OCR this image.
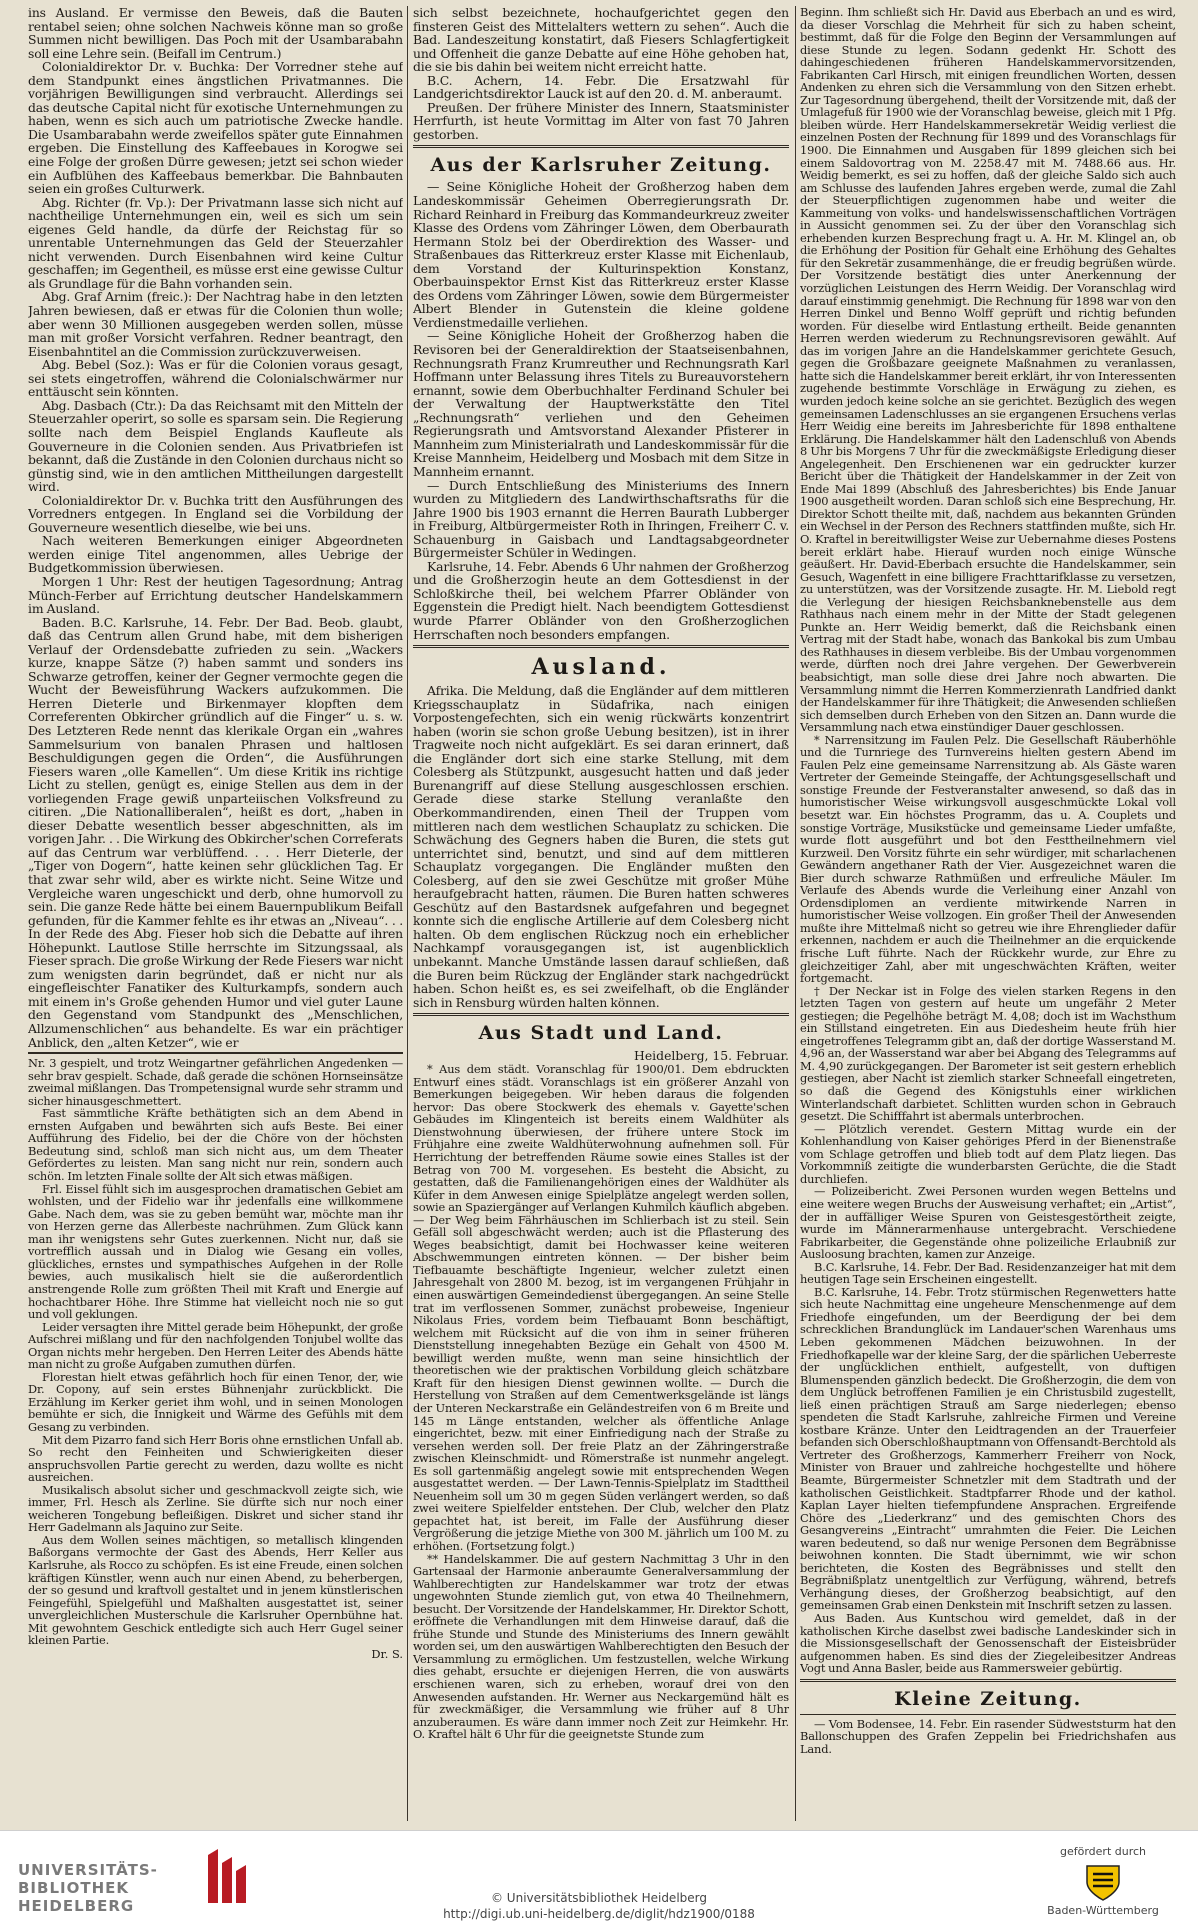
ins Ausland. Er vermisse den Beweis, daß die Bauten rentabel seien; ohne solchen Nachweis könne man so große Summen nicht bewilligen. Das Poch mit der Usambarabahn soll eine Lehre sein. (Beifall im Centrum.)

Colonialdirektor Dr. v. Buchka: Der Vorredner stehe auf dem Standpunkt eines ängstlichen Privatmannes. Die vorjährigen Bewilligungen sind verbraucht. Allerdings sei das deutsche Capital nicht für exotische Unternehmungen zu haben, wenn es sich auch um patriotische Zwecke handle. Die Usambarabahn werde zweifellos später gute Einnahmen ergeben. Die Einstellung des Kaffeebaues in Korogwe sei eine Folge der großen Dürre gewesen; jetzt sei schon wieder ein Aufblühen des Kaffeebaus bemerkbar. Die Bahnbauten seien ein großes Culturwerk.

Abg. Richter (fr. Vp.): Der Privatmann lasse sich nicht auf nachtheilige Unternehmungen ein, weil es sich um sein eigenes Geld handle, da dürfe der Reichstag für so unrentable Unternehmungen das Geld der Steuerzahler nicht verwenden. Durch Eisenbahnen wird keine Cultur geschaffen; im Gegentheil, es müsse erst eine gewisse Cultur als Grundlage für die Bahn vorhanden sein.

Abg. Graf Arnim (freic.): Der Nachtrag habe in den letzten Jahren bewiesen, daß er etwas für die Colonien thun wolle; aber wenn 30 Millionen ausgegeben werden sollen, müsse man mit großer Vorsicht verfahren. Redner beantragt, den Eisenbahntitel an die Commission zurückzuverweisen.

Abg. Bebel (Soz.): Was er für die Colonien voraus gesagt, sei stets eingetroffen, während die Colonialschwärmer nur enttäuscht sein könnten.

Abg. Dasbach (Ctr.): Da das Reichsamt mit den Mitteln der Steuerzahler operirt, so solle es sparsam sein. Die Regierung sollte nach dem Beispiel Englands Kaufleute als Gouverneure in die Colonien senden. Aus Privatbriefen ist bekannt, daß die Zustände in den Colonien durchaus nicht so günstig sind, wie in den amtlichen Mittheilungen dargestellt wird.

Colonialdirektor Dr. v. Buchka tritt den Ausführungen des Vorredners entgegen. In England sei die Vorbildung der Gouverneure wesentlich dieselbe, wie bei uns.

Nach weiteren Bemerkungen einiger Abgeordneten werden einige Titel angenommen, alles Uebrige der Budgetkommission überwiesen.

Morgen 1 Uhr: Rest der heutigen Tagesordnung; Antrag Münch-Ferber auf Errichtung deutscher Handelskammern im Ausland.

Baden. B.C. Karlsruhe, 14. Febr. Der Bad. Beob. glaubt, daß das Centrum allen Grund habe, mit dem bisherigen Verlauf der Ordensdebatte zufrieden zu sein. „Wackers kurze, knappe Sätze (?) haben sammt und sonders ins Schwarze getroffen, keiner der Gegner vermochte gegen die Wucht der Beweisführung Wackers aufzukommen. Die Herren Dieterle und Birkenmayer klopften dem Correferenten Obkircher gründlich auf die Finger“ u. s. w. Des Letzteren Rede nennt das klerikale Organ ein „wahres Sammelsurium von banalen Phrasen und haltlosen Beschuldigungen gegen die Orden“, die Ausführungen Fiesers waren „olle Kamellen“. Um diese Kritik ins richtige Licht zu stellen, genügt es, einige Stellen aus dem in der vorliegenden Frage gewiß unparteiischen Volksfreund zu citiren. „Die Nationalliberalen“, heißt es dort, „haben in dieser Debatte wesentlich besser abgeschnitten, als im vorigen Jahr. . . Die Wirkung des Obkircher'schen Correferats auf das Centrum war verblüffend. . . . Herr Dieterle, der „Tiger von Dogern“, hatte keinen sehr glücklichen Tag. Er that zwar sehr wild, aber es wirkte nicht. Seine Witze und Vergleiche waren ungeschickt und derb, ohne humorvoll zu sein. Die ganze Rede hätte bei einem Bauernpublikum Beifall gefunden, für die Kammer fehlte es ihr etwas an „Niveau“. . . In der Rede des Abg. Fieser hob sich die Debatte auf ihren Höhepunkt. Lautlose Stille herrschte im Sitzungssaal, als Fieser sprach. Die große Wirkung der Rede Fiesers war nicht zum wenigsten darin begründet, daß er nicht nur als eingefleischter Fanatiker des Kulturkampfs, sondern auch mit einem in's Große gehenden Humor und viel guter Laune den Gegenstand vom Standpunkt des „Menschlichen, Allzumenschlichen“ aus behandelte. Es war ein prächtiger Anblick, den „alten Ketzer“, wie er

Nr. 3 gespielt, und trotz Weingartner gefährlichen Angedenken — sehr brav gespielt. Schade, daß gerade die schönen Hornseinsätze zweimal mißlangen. Das Trompetensignal wurde sehr stramm und sicher hinausgeschmettert.

Fast sämmtliche Kräfte bethätigten sich an dem Abend in ernsten Aufgaben und bewährten sich aufs Beste. Bei einer Aufführung des Fidelio, bei der die Chöre von der höchsten Bedeutung sind, schloß man sich nicht aus, um dem Theater Gefördertes zu leisten. Man sang nicht nur rein, sondern auch schön. Im letzten Finale sollte der Alt sich etwas mäßigen.

Frl. Eissel fühlt sich im ausgesprochen dramatischen Gebiet am wohlsten, und der Fidelio war ihr jedenfalls eine willkommene Gabe. Nach dem, was sie zu geben bemüht war, möchte man ihr von Herzen gerne das Allerbeste nachrühmen. Zum Glück kann man ihr wenigstens sehr Gutes zuerkennen. Nicht nur, daß sie vortrefflich aussah und in Dialog wie Gesang ein volles, glückliches, ernstes und sympathisches Aufgehen in der Rolle bewies, auch musikalisch hielt sie die außerordentlich anstrengende Rolle zum größten Theil mit Kraft und Energie auf hochachtbarer Höhe. Ihre Stimme hat vielleicht noch nie so gut und voll geklungen.

Leider versagten ihre Mittel gerade beim Höhepunkt, der große Aufschrei mißlang und für den nachfolgenden Tonjubel wollte das Organ nichts mehr hergeben. Den Herren Leiter des Abends hätte man nicht zu große Aufgaben zumuthen dürfen.

Florestan hielt etwas gefährlich hoch für einen Tenor, der, wie Dr. Copony, auf sein erstes Bühnenjahr zurückblickt. Die Erzählung im Kerker geriet ihm wohl, und in seinen Monologen bemühte er sich, die Innigkeit und Wärme des Gefühls mit dem Gesang zu verbinden.

Mit dem Pizarro fand sich Herr Boris ohne ernstlichen Unfall ab. So recht den Feinheiten und Schwierigkeiten dieser anspruchsvollen Partie gerecht zu werden, dazu wollte es nicht ausreichen.

Musikalisch absolut sicher und geschmackvoll zeigte sich, wie immer, Frl. Hesch als Zerline. Sie dürfte sich nur noch einer weicheren Tongebung befleißigen. Diskret und sicher stand ihr Herr Gadelmann als Jaquino zur Seite.

Aus dem Wollen seines mächtigen, so metallisch klingenden Baßorgans vermochte der Gast des Abends, Herr Keller aus Karlsruhe, als Rocco zu schöpfen. Es ist eine Freude, einen solchen kräftigen Künstler, wenn auch nur einen Abend, zu beherbergen, der so gesund und kraftvoll gestaltet und in jenem künstlerischen Feingefühl, Spielgefühl und Maßhalten ausgestattet ist, seiner unvergleichlichen Musterschule die Karlsruher Opernbühne hat. Mit gewohntem Geschick entledigte sich auch Herr Gugel seiner kleinen Partie.

Dr. S.

sich selbst bezeichnete, hochaufgerichtet gegen den finsteren Geist des Mittelalters wettern zu sehen“. Auch die Bad. Landeszeitung konstatirt, daß Fiesers Schlagfertigkeit und Offenheit die ganze Debatte auf eine Höhe gehoben hat, die sie bis dahin bei weitem nicht erreicht hatte.

B.C. Achern, 14. Febr. Die Ersatzwahl für Landgerichtsdirektor Lauck ist auf den 20. d. M. anberaumt.

Preußen. Der frühere Minister des Innern, Staatsminister Herrfurth, ist heute Vormittag im Alter von fast 70 Jahren gestorben.

Aus der Karlsruher Zeitung.

— Seine Königliche Hoheit der Großherzog haben dem Landeskommissär Geheimen Oberregierungsrath Dr. Richard Reinhard in Freiburg das Kommandeurkreuz zweiter Klasse des Ordens vom Zähringer Löwen, dem Oberbaurath Hermann Stolz bei der Oberdirektion des Wasser- und Straßenbaues das Ritterkreuz erster Klasse mit Eichenlaub, dem Vorstand der Kulturinspektion Konstanz, Oberbauinspektor Ernst Kist das Ritterkreuz erster Klasse des Ordens vom Zähringer Löwen, sowie dem Bürgermeister Albert Blender in Gutenstein die kleine goldene Verdienstmedaille verliehen.

— Seine Königliche Hoheit der Großherzog haben die Revisoren bei der Generaldirektion der Staatseisenbahnen, Rechnungsrath Franz Krumreuther und Rechnungsrath Karl Hoffmann unter Belassung ihres Titels zu Bureauvorstehern ernannt, sowie dem Oberbuchhalter Ferdinand Schuler bei der Verwaltung der Hauptwerkstätte den Titel „Rechnungsrath“ verliehen und den Geheimen Regierungsrath und Amtsvorstand Alexander Pfisterer in Mannheim zum Ministerialrath und Landeskommissär für die Kreise Mannheim, Heidelberg und Mosbach mit dem Sitze in Mannheim ernannt.

— Durch Entschließung des Ministeriums des Innern wurden zu Mitgliedern des Landwirthschaftsraths für die Jahre 1900 bis 1903 ernannt die Herren Baurath Lubberger in Freiburg, Altbürgermeister Roth in Ihringen, Freiherr C. v. Schauenburg in Gaisbach und Landtagsabgeordneter Bürgermeister Schüler in Wedingen.

Karlsruhe, 14. Febr. Abends 6 Uhr nahmen der Großherzog und die Großherzogin heute an dem Gottesdienst in der Schloßkirche theil, bei welchem Pfarrer Obländer von Eggenstein die Predigt hielt. Nach beendigtem Gottesdienst wurde Pfarrer Obländer von den Großherzoglichen Herrschaften noch besonders empfangen.

Ausland.

Afrika. Die Meldung, daß die Engländer auf dem mittleren Kriegsschauplatz in Südafrika, nach einigen Vorpostengefechten, sich ein wenig rückwärts konzentrirt haben (worin sie schon große Uebung besitzen), ist in ihrer Tragweite noch nicht aufgeklärt. Es sei daran erinnert, daß die Engländer dort sich eine starke Stellung, mit dem Colesberg als Stützpunkt, ausgesucht hatten und daß jeder Burenangriff auf diese Stellung ausgeschlossen erschien. Gerade diese starke Stellung veranlaßte den Oberkommandirenden, einen Theil der Truppen vom mittleren nach dem westlichen Schauplatz zu schicken. Die Schwächung des Gegners haben die Buren, die stets gut unterrichtet sind, benutzt, und sind auf dem mittleren Schauplatz vorgegangen. Die Engländer mußten den Colesberg, auf den sie zwei Geschütze mit großer Mühe heraufgebracht hatten, räumen. Die Buren hatten schweres Geschütz auf den Bastardsnek aufgefahren und begegnet konnte sich die englische Artillerie auf dem Colesberg nicht halten. Ob dem englischen Rückzug noch ein erheblicher Nachkampf vorausgegangen ist, ist augenblicklich unbekannt. Manche Umstände lassen darauf schließen, daß die Buren beim Rückzug der Engländer stark nachgedrückt haben. Schon heißt es, es sei zweifelhaft, ob die Engländer sich in Rensburg würden halten können.

Aus Stadt und Land.

Heidelberg, 15. Februar.

* Aus dem städt. Voranschlag für 1900/01. Dem ebdruckten Entwurf eines städt. Voranschlags ist ein größerer Anzahl von Bemerkungen beigegeben. Wir heben daraus die folgenden hervor: Das obere Stockwerk des ehemals v. Gayette'schen Gebäudes im Klingenteich ist bereits einem Waldhüter als Dienstwohnung überwiesen, der frühere untere Stock im Frühjahre eine zweite Waldhüterwohnung aufnehmen soll. Für Herrichtung der betreffenden Räume sowie eines Stalles ist der Betrag von 700 M. vorgesehen. Es besteht die Absicht, zu gestatten, daß die Familienangehörigen eines der Waldhüter als Küfer in dem Anwesen einige Spielplätze angelegt werden sollen, sowie an Spaziergänger auf Verlangen Kuhmilch käuflich abgeben. — Der Weg beim Fährhäuschen im Schlierbach ist zu steil. Sein Gefäll soll abgeschwächt werden; auch ist die Pflasterung des Weges beabsichtigt, damit bei Hochwasser keine weiteren Abschwemmungen eintreten können. — Der bisher beim Tiefbauamte beschäftigte Ingenieur, welcher zuletzt einen Jahresgehalt von 2800 M. bezog, ist im vergangenen Frühjahr in einen auswärtigen Gemeindedienst übergegangen. An seine Stelle trat im verflossenen Sommer, zunächst probeweise, Ingenieur Nikolaus Fries, vordem beim Tiefbauamt Bonn beschäftigt, welchem mit Rücksicht auf die von ihm in seiner früheren Dienststellung innegehabten Bezüge ein Gehalt von 4500 M. bewilligt werden mußte, wenn man seine hinsichtlich der theoretischen wie der praktischen Vorbildung gleich schätzbare Kraft für den hiesigen Dienst gewinnen wollte. — Durch die Herstellung von Straßen auf dem Cementwerksgelände ist längs der Unteren Neckarstraße ein Geländestreifen von 6 m Breite und 145 m Länge entstanden, welcher als öffentliche Anlage eingerichtet, bezw. mit einer Einfriedigung nach der Straße zu versehen werden soll. Der freie Platz an der Zähringerstraße zwischen Kleinschmidt- und Römerstraße ist nunmehr angelegt. Es soll gartenmäßig angelegt sowie mit entsprechenden Wegen ausgestattet werden. — Der Lawn-Tennis-Spielplatz im Stadttheil Neuenheim soll um 30 m gegen Süden verlängert werden, so daß zwei weitere Spielfelder entstehen. Der Club, welcher den Platz gepachtet hat, ist bereit, im Falle der Ausführung dieser Vergrößerung die jetzige Miethe von 300 M. jährlich um 100 M. zu erhöhen. (Fortsetzung folgt.)

** Handelskammer. Die auf gestern Nachmittag 3 Uhr in den Gartensaal der Harmonie anberaumte Generalversammlung der Wahlberechtigten zur Handelskammer war trotz der etwas ungewohnten Stunde ziemlich gut, von etwa 40 Theilnehmern, besucht. Der Vorsitzende der Handelskammer, Hr. Direktor Schott, eröffnete die Verhandlungen mit dem Hinweise darauf, daß die frühe Stunde und Stunde des Ministeriums des Innern gewählt worden sei, um den auswärtigen Wahlberechtigten den Besuch der Versammlung zu ermöglichen. Um festzustellen, welche Wirkung dies gehabt, ersuchte er diejenigen Herren, die von auswärts erschienen waren, sich zu erheben, worauf drei von den Anwesenden aufstanden. Hr. Werner aus Neckargemünd hält es für zweckmäßiger, die Versammlung wie früher auf 8 Uhr anzuberaumen. Es wäre dann immer noch Zeit zur Heimkehr. Hr. O. Kraftel hält 6 Uhr für die geeignetste Stunde zum

Beginn. Ihm schließt sich Hr. David aus Eberbach an und es wird, da dieser Vorschlag die Mehrheit für sich zu haben scheint, bestimmt, daß für die Folge den Beginn der Versammlungen auf diese Stunde zu legen. Sodann gedenkt Hr. Schott des dahingeschiedenen früheren Handelskammervorsitzenden, Fabrikanten Carl Hirsch, mit einigen freundlichen Worten, dessen Andenken zu ehren sich die Versammlung von den Sitzen erhebt. Zur Tagesordnung übergehend, theilt der Vorsitzende mit, daß der Umlagefuß für 1900 wie der Voranschlag beweise, gleich mit 1 Pfg. bleiben würde. Herr Handelskammersekretär Weidig verliest die einzelnen Posten der Rechnung für 1899 und des Voranschlags für 1900. Die Einnahmen und Ausgaben für 1899 gleichen sich bei einem Saldovortrag von M. 2258.47 mit M. 7488.66 aus. Hr. Weidig bemerkt, es sei zu hoffen, daß der gleiche Saldo sich auch am Schlusse des laufenden Jahres ergeben werde, zumal die Zahl der Steuerpflichtigen zugenommen habe und weiter die Kammeitung von volks- und handelswissenschaftlichen Vorträgen in Aussicht genommen sei. Zu der über den Voranschlag sich erhebenden kurzen Besprechung fragt u. A. Hr. M. Klingel an, ob die Erhöhung der Position für Gehalt eine Erhöhung des Gehaltes für den Sekretär zusammenhänge, die er freudig begrüßen würde. Der Vorsitzende bestätigt dies unter Anerkennung der vorzüglichen Leistungen des Herrn Weidig. Der Voranschlag wird darauf einstimmig genehmigt. Die Rechnung für 1898 war von den Herren Dinkel und Benno Wolff geprüft und richtig befunden worden. Für dieselbe wird Entlastung ertheilt. Beide genannten Herren werden wiederum zu Rechnungsrevisoren gewählt. Auf das im vorigen Jahre an die Handelskammer gerichtete Gesuch, gegen die Großbazare geeignete Maßnahmen zu veranlassen, hatte sich die Handelskammer bereit erklärt, ihr von Interessenten zugehende bestimmte Vorschläge in Erwägung zu ziehen, es wurden jedoch keine solche an sie gerichtet. Bezüglich des wegen gemeinsamen Ladenschlusses an sie ergangenen Ersuchens verlas Herr Weidig eine bereits im Jahresberichte für 1898 enthaltene Erklärung. Die Handelskammer hält den Ladenschluß von Abends 8 Uhr bis Morgens 7 Uhr für die zweckmäßigste Erledigung dieser Angelegenheit. Den Erschienenen war ein gedruckter kurzer Bericht über die Thätigkeit der Handelskammer in der Zeit von Ende Mai 1899 (Abschluß des Jahresberichtes) bis Ende Januar 1900 ausgetheilt worden. Daran schloß sich eine Besprechung, Hr. Direktor Schott theilte mit, daß, nachdem aus bekannten Gründen ein Wechsel in der Person des Rechners stattfinden mußte, sich Hr. O. Kraftel in bereitwilligster Weise zur Uebernahme dieses Postens bereit erklärt habe. Hierauf wurden noch einige Wünsche geäußert. Hr. David-Eberbach ersuchte die Handelskammer, sein Gesuch, Wagenfett in eine billigere Frachttarifklasse zu versetzen, zu unterstützen, was der Vorsitzende zusagte. Hr. M. Liebold regt die Verlegung der hiesigen Reichsbanknebenstelle aus dem Rathhaus nach einem mehr in der Mitte der Stadt gelegenen Punkte an. Herr Weidig bemerkt, daß die Reichsbank einen Vertrag mit der Stadt habe, wonach das Bankokal bis zum Umbau des Rathhauses in diesem verbleibe. Bis der Umbau vorgenommen werde, dürften noch drei Jahre vergehen. Der Gewerbverein beabsichtigt, man solle diese drei Jahre noch abwarten. Die Versammlung nimmt die Herren Kommerzienrath Landfried dankt der Handelskammer für ihre Thätigkeit; die Anwesenden schließen sich demselben durch Erheben von den Sitzen an. Dann wurde die Versammlung nach etwa einstündiger Dauer geschlossen.

* Narrensitzung im Faulen Pelz. Die Gesellschaft Räuberhöhle und die Turnriege des Turnvereins hielten gestern Abend im Faulen Pelz eine gemeinsame Narrensitzung ab. Als Gäste waren Vertreter der Gemeinde Steingaffe, der Achtungsgesellschaft und sonstige Freunde der Festveranstalter anwesend, so daß das in humoristischer Weise wirkungsvoll ausgeschmückte Lokal voll besetzt war. Ein höchstes Programm, das u. A. Couplets und sonstige Vorträge, Musikstücke und gemeinsame Lieder umfaßte, wurde flott ausgeführt und bot den Festtheilnehmern viel Kurzweil. Den Vorsitz führte ein sehr würdiger, mit scharlachenen Gewändern angethaner Rath der Vier. Ausgezeichnet waren die Bier durch schwarze Rathmüßen und erfreuliche Mäuler. Im Verlaufe des Abends wurde die Verleihung einer Anzahl von Ordensdiplomen an verdiente mitwirkende Narren in humoristischer Weise vollzogen. Ein großer Theil der Anwesenden mußte ihre Mittelmaß nicht so getreu wie ihre Ehrenglieder dafür erkennen, nachdem er auch die Theilnehmer an die erquickende frische Luft führte. Nach der Rückkehr wurde, zur Ehre zu gleichzeitiger Zahl, aber mit ungeschwächten Kräften, weiter fortgemacht.

† Der Neckar ist in Folge des vielen starken Regens in den letzten Tagen von gestern auf heute um ungefähr 2 Meter gestiegen; die Pegelhöhe beträgt M. 4,08; doch ist im Wachsthum ein Stillstand eingetreten. Ein aus Diedesheim heute früh hier eingetroffenes Telegramm gibt an, daß der dortige Wasserstand M. 4,96 an, der Wasserstand war aber bei Abgang des Telegramms auf M. 4,90 zurückgegangen. Der Barometer ist seit gestern erheblich gestiegen, aber Nacht ist ziemlich starker Schneefall eingetreten, so daß die Gegend des Königstuhls einer wirklichen Winterlandschaft darbietet. Schlitten wurden schon in Gebrauch gesetzt. Die Schifffahrt ist abermals unterbrochen.

— Plötzlich verendet. Gestern Mittag wurde ein der Kohlenhandlung von Kaiser gehöriges Pferd in der Bienenstraße vom Schlage getroffen und blieb todt auf dem Platz liegen. Das Vorkommniß zeitigte die wunderbarsten Gerüchte, die die Stadt durchliefen.

— Polizeibericht. Zwei Personen wurden wegen Bettelns und eine weitere wegen Bruchs der Ausweisung verhaftet; ein „Artist“, der in auffälliger Weise Spuren von Geistesgestörtheit zeigte, wurde im Männerarmenhause untergebracht. Verschiedene Fabrikarbeiter, die Gegenstände ohne polizeiliche Erlaubniß zur Ausloosung brachten, kamen zur Anzeige.

B.C. Karlsruhe, 14. Febr. Der Bad. Residenzanzeiger hat mit dem heutigen Tage sein Erscheinen eingestellt.

B.C. Karlsruhe, 14. Febr. Trotz stürmischen Regenwetters hatte sich heute Nachmittag eine ungeheure Menschenmenge auf dem Friedhofe eingefunden, um der Beerdigung der bei dem schrecklichen Brandunglück im Landauer'schen Warenhaus ums Leben gekommenen Mädchen beizuwohnen. In der Friedhofkapelle war der kleine Sarg, der die spärlichen Ueberreste der unglücklichen enthielt, aufgestellt, von duftigen Blumenspenden gänzlich bedeckt. Die Großherzogin, die dem von dem Unglück betroffenen Familien je ein Christusbild zugestellt, ließ einen prächtigen Strauß am Sarge niederlegen; ebenso spendeten die Stadt Karlsruhe, zahlreiche Firmen und Vereine kostbare Kränze. Unter den Leidtragenden an der Trauerfeier befanden sich Oberschloßhauptmann von Offensandt-Berchtold als Vertreter des Großherzogs, Kammerherr Freiherr von Nock, Minister von Brauer und zahlreiche hochgestellte und höhere Beamte, Bürgermeister Schnetzler mit dem Stadtrath und der katholischen Geistlichkeit. Stadtpfarrer Rhode und der kathol. Kaplan Layer hielten tiefempfundene Ansprachen. Ergreifende Chöre des „Liederkranz“ und des gemischten Chors des Gesangvereins „Eintracht“ umrahmten die Feier. Die Leichen waren bedeutend, so daß nur wenige Personen dem Begräbnisse beiwohnen konnten. Die Stadt übernimmt, wie wir schon berichteten, die Kosten des Begräbnisses und stellt den Begräbnißplatz unentgeltlich zur Verfügung, während, betrefs Verhängung dieses, der Großherzog beabsichtigt, auf den gemeinsamen Grab einen Denkstein mit Inschrift setzen zu lassen.

Aus Baden. Aus Kuntschou wird gemeldet, daß in der katholischen Kirche daselbst zwei badische Landeskinder sich in die Missionsgesellschaft der Genossenschaft der Eisteisbrüder aufgenommen haben. Es sind dies der Ziegeleibesitzer Andreas Vogt und Anna Basler, beide aus Rammersweier gebürtig.

Kleine Zeitung.

— Vom Bodensee, 14. Febr. Ein rasender Südweststurm hat den Ballonschuppen des Grafen Zeppelin bei Friedrichshafen aus Land.

UNIVERSITÄTS-
BIBLIOTHEK
HEIDELBERG	© Universitätsbibliothek Heidelberg
http://digi.ub.uni-heidelberg.de/diglit/hdz1900/0188
gefördert durch
Baden-Württemberg
